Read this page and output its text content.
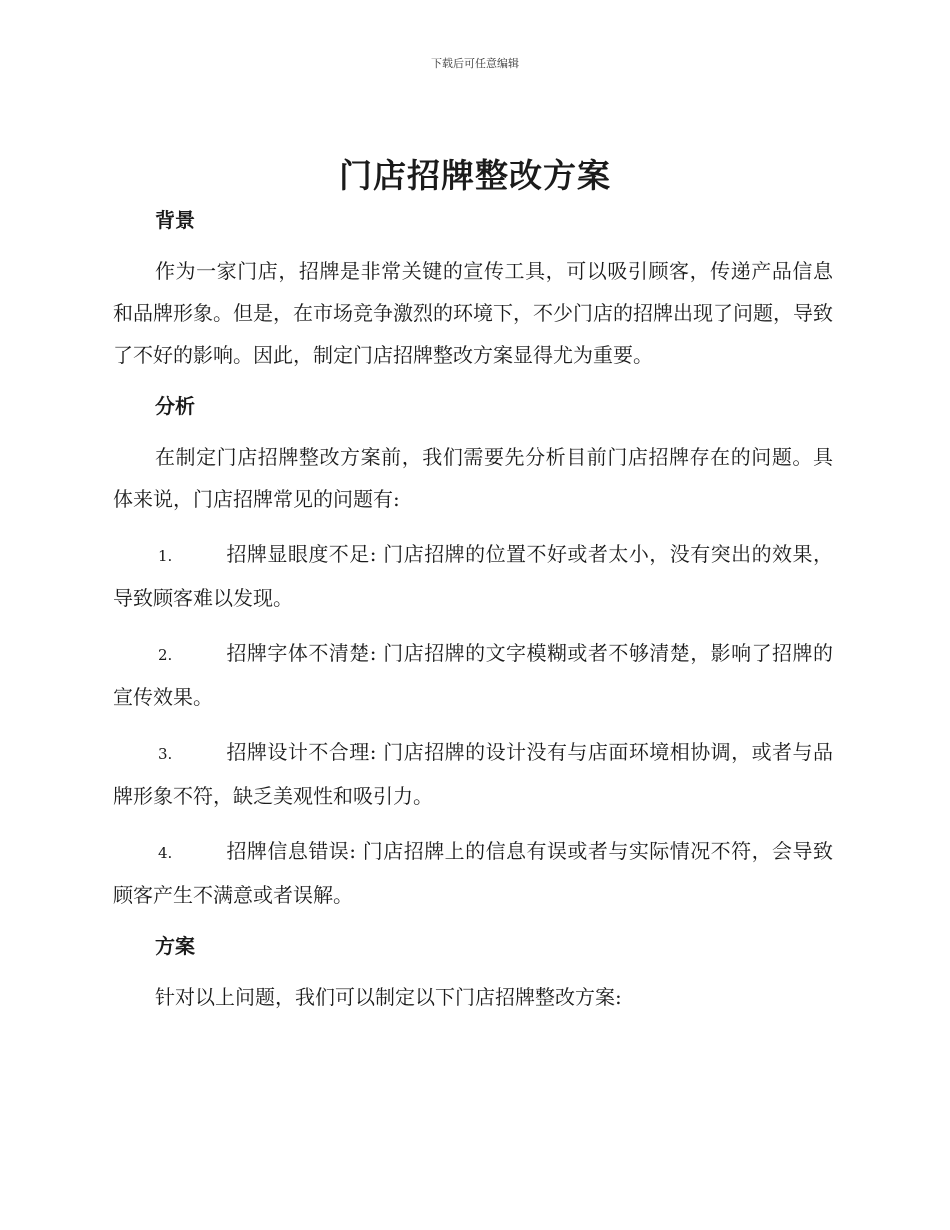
下载后可任意编辑
门店招牌整改方案
背景

作为一家门店，招牌是非常关键的宣传工具，可以吸引顾客，传递产品信息和品牌形象。但是，在市场竞争激烈的环境下，不少门店的招牌出现了问题，导致了不好的影响。因此，制定门店招牌整改方案显得尤为重要。

分析

在制定门店招牌整改方案前，我们需要先分析目前门店招牌存在的问题。具体来说，门店招牌常见的问题有:

1.	招牌显眼度不足: 门店招牌的位置不好或者太小，没有突出的效果，导致顾客难以发现。

2.	招牌字体不清楚: 门店招牌的文字模糊或者不够清楚，影响了招牌的宣传效果。

3.	招牌设计不合理: 门店招牌的设计没有与店面环境相协调，或者与品牌形象不符，缺乏美观性和吸引力。

4.	招牌信息错误: 门店招牌上的信息有误或者与实际情况不符，会导致顾客产生不满意或者误解。

方案

针对以上问题，我们可以制定以下门店招牌整改方案:
